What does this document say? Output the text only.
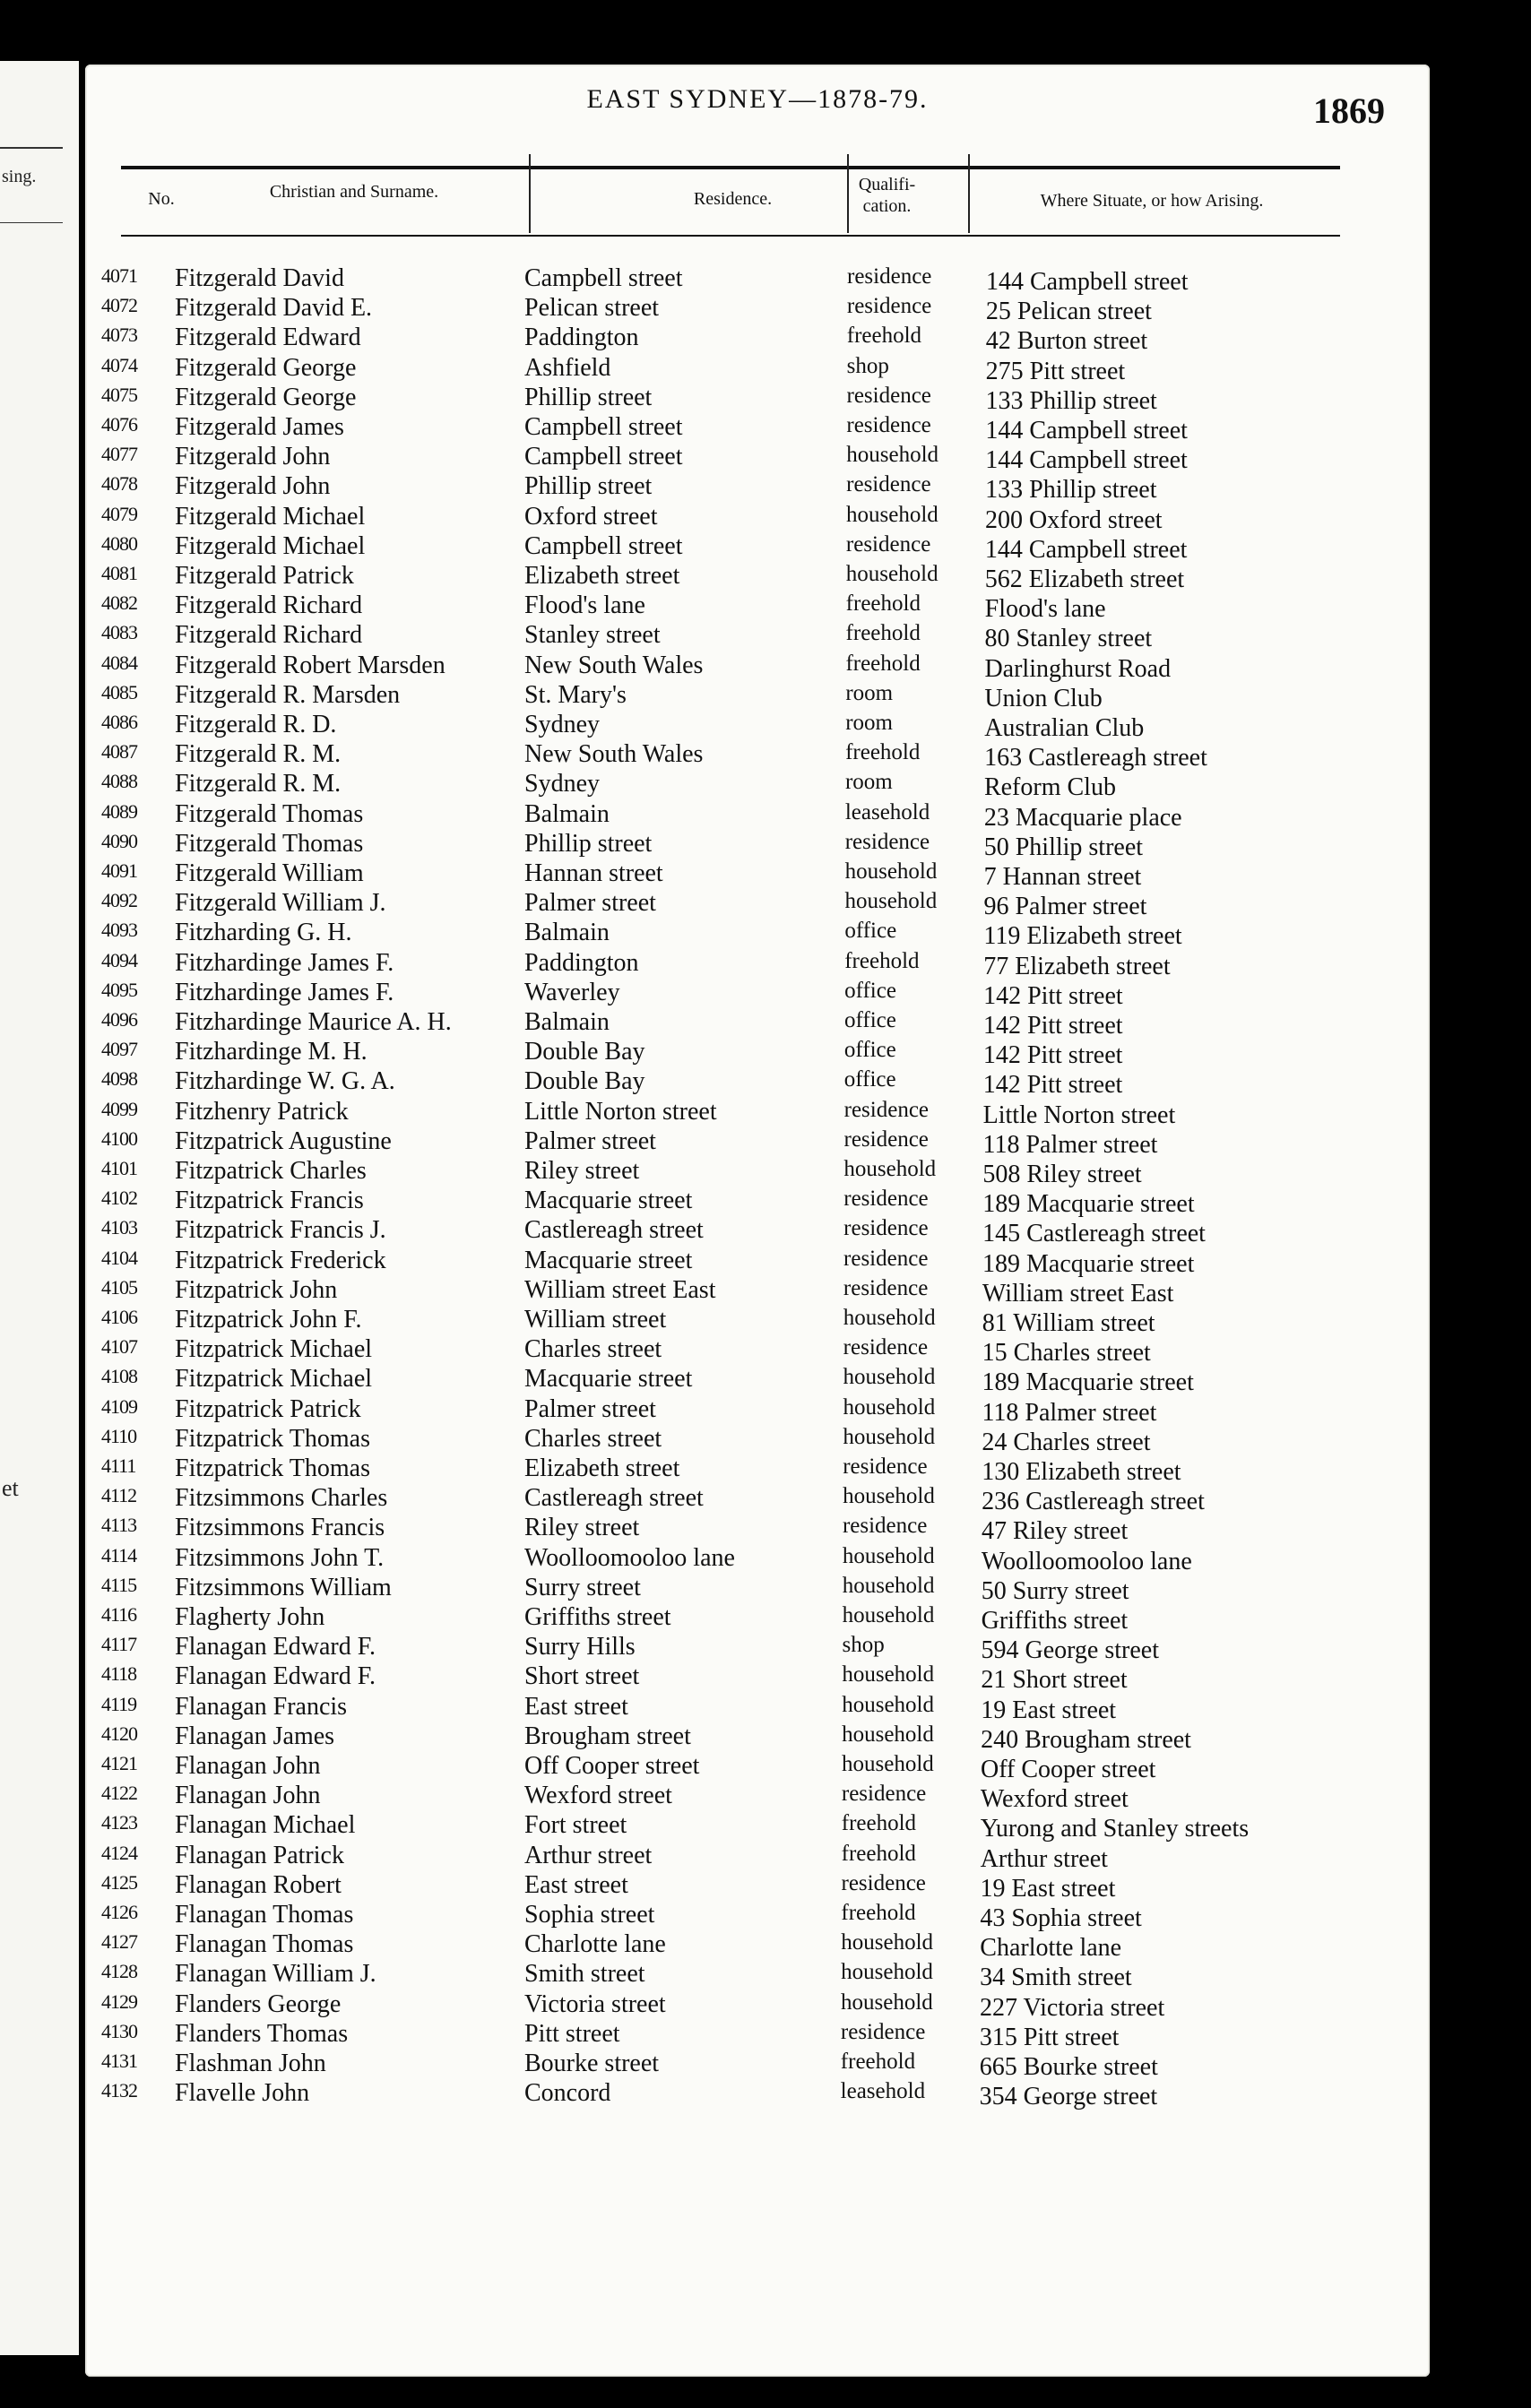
sing.
et
EAST SYDNEY—1878-79.	1869
No.	Christian and Surname.	Residence.
Qualifi-
cation.	Where Situate, or how Arising.
4071 Fitzgerald David	Campbell street	residence 144 Campbell street
4072 Fitzgerald David E.	Pelican street	residence 25 Pelican street
4073 Fitzgerald Edward	Paddington	freehold	42 Burton street
4074 Fitzgerald George	Ashfield	shop	275 Pitt street
4075 Fitzgerald George	Phillip street	residence 133 Phillip street
4076 Fitzgerald James	Campbell street	residence 144 Campbell street
4077 Fitzgerald John	Campbell street	household 144 Campbell street
4078 Fitzgerald John	Phillip street	residence 133 Phillip street
4079 Fitzgerald Michael	Oxford street	household 200 Oxford street
4080 Fitzgerald Michael	Campbell street	residence 144 Campbell street
4081 Fitzgerald Patrick	Elizabeth street	household 562 Elizabeth street
4082 Fitzgerald Richard	Flood's lane	freehold	Flood's lane
4083 Fitzgerald Richard	Stanley street	freehold	80 Stanley street
4084 Fitzgerald Robert Marsden	New South Wales	freehold	Darlinghurst Road
4085 Fitzgerald R. Marsden	St. Mary's	room	Union Club
4086 Fitzgerald R. D.	Sydney	room	Australian Club
4087 Fitzgerald R. M.	New South Wales	freehold	163 Castlereagh street
4088 Fitzgerald R. M.	Sydney	room	Reform Club
4089 Fitzgerald Thomas	Balmain	leasehold 23 Macquarie place
4090 Fitzgerald Thomas	Phillip street	residence 50 Phillip street
4091 Fitzgerald William	Hannan street	household 7 Hannan street
4092 Fitzgerald William J.	Palmer street	household 96 Palmer street
4093 Fitzharding G. H.	Balmain	office	119 Elizabeth street
4094 Fitzhardinge James F.	Paddington	freehold	77 Elizabeth street
4095 Fitzhardinge James F.	Waverley	office	142 Pitt street
4096 Fitzhardinge Maurice A. H.	Balmain	office	142 Pitt street
4097 Fitzhardinge M. H.	Double Bay	office	142 Pitt street
4098 Fitzhardinge W. G. A.	Double Bay	office	142 Pitt street
4099 Fitzhenry Patrick	Little Norton street	residence Little Norton street
4100 Fitzpatrick Augustine	Palmer street	residence 118 Palmer street
4101 Fitzpatrick Charles	Riley street	household 508 Riley street
4102 Fitzpatrick Francis	Macquarie street	residence 189 Macquarie street
4103 Fitzpatrick Francis J.	Castlereagh street	residence 145 Castlereagh street
4104 Fitzpatrick Frederick	Macquarie street	residence 189 Macquarie street
4105 Fitzpatrick John	William street East	residence William street East
4106 Fitzpatrick John F.	William street	household 81 William street
4107 Fitzpatrick Michael	Charles street	residence 15 Charles street
4108 Fitzpatrick Michael	Macquarie street	household 189 Macquarie street
4109 Fitzpatrick Patrick	Palmer street	household 118 Palmer street
4110 Fitzpatrick Thomas	Charles street	household 24 Charles street
4111 Fitzpatrick Thomas	Elizabeth street	residence 130 Elizabeth street
4112 Fitzsimmons Charles	Castlereagh street	household 236 Castlereagh street
4113 Fitzsimmons Francis	Riley street	residence 47 Riley street
4114 Fitzsimmons John T.	Woolloomooloo lane	household Woolloomooloo lane
4115 Fitzsimmons William	Surry street	household 50 Surry street
4116 Flagherty John	Griffiths street	household Griffiths street
4117 Flanagan Edward F.	Surry Hills	shop	594 George street
4118 Flanagan Edward F.	Short street	household 21 Short street
4119 Flanagan Francis	East street	household 19 East street
4120 Flanagan James	Brougham street	household 240 Brougham street
4121 Flanagan John	Off Cooper street	household Off Cooper street
4122 Flanagan John	Wexford street	residence Wexford street
4123 Flanagan Michael	Fort street	freehold	Yurong and Stanley streets
4124 Flanagan Patrick	Arthur street	freehold	Arthur street
4125 Flanagan Robert	East street	residence 19 East street
4126 Flanagan Thomas	Sophia street	freehold	43 Sophia street
4127 Flanagan Thomas	Charlotte lane	household Charlotte lane
4128 Flanagan William J.	Smith street	household 34 Smith street
4129 Flanders George	Victoria street	household 227 Victoria street
4130 Flanders Thomas	Pitt street	residence 315 Pitt street
4131 Flashman John	Bourke street	freehold	665 Bourke street
4132 Flavelle John	Concord	leasehold 354 George street
